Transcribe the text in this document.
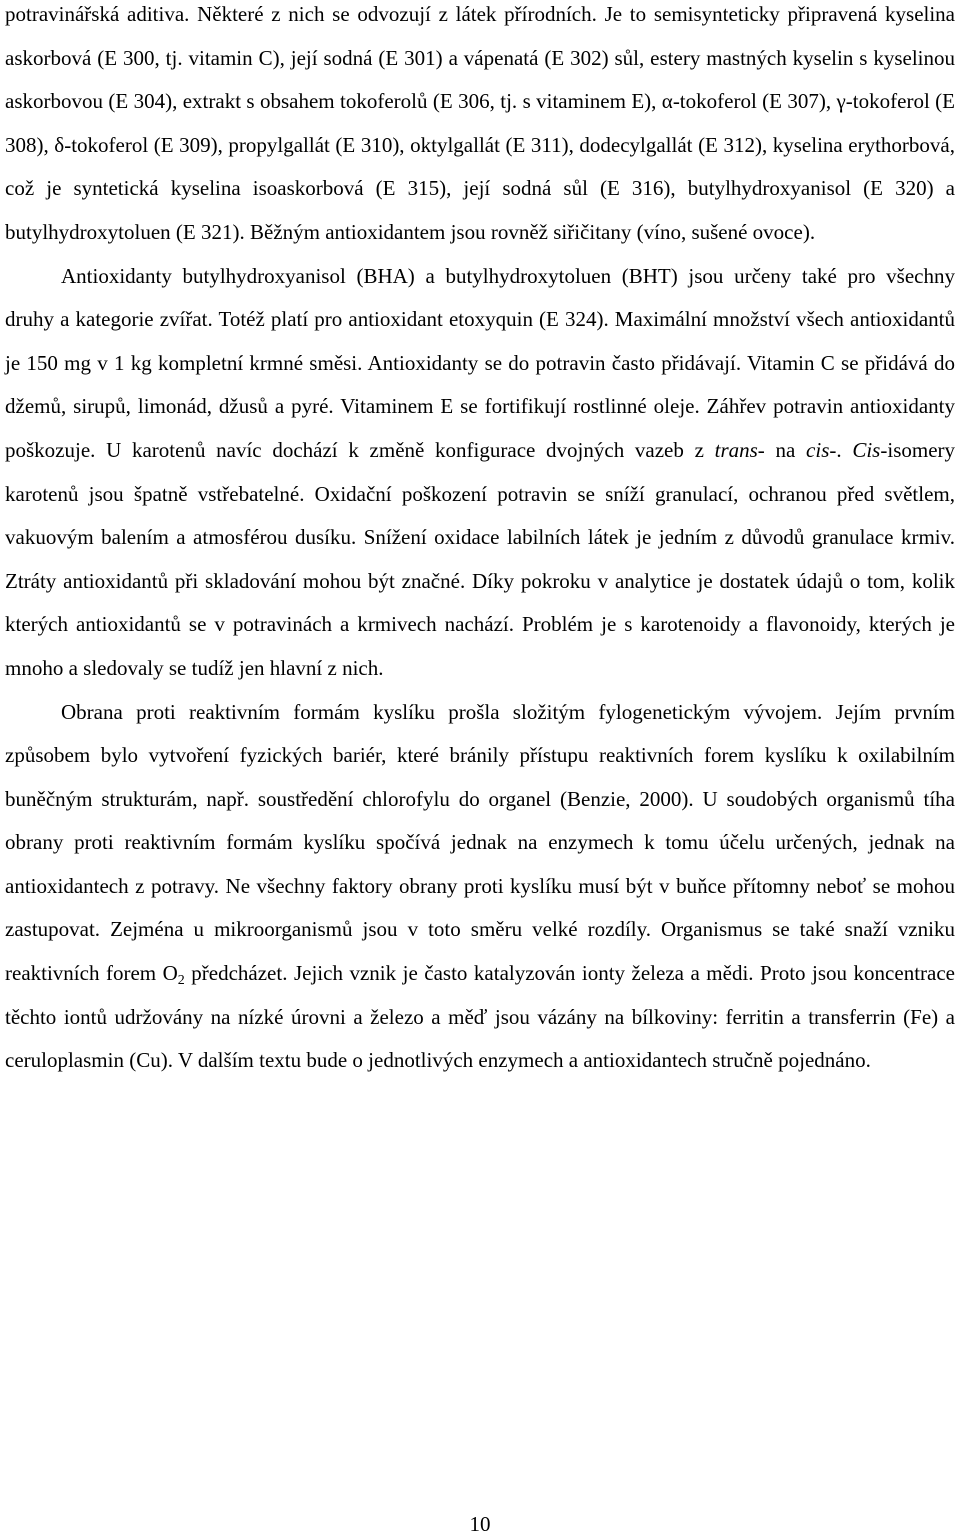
potravinářská aditiva. Některé z nich se odvozují z látek přírodních. Je to semisynteticky připravená kyselina askorbová (E 300, tj. vitamin C), její sodná (E 301) a vápenatá (E 302) sůl, estery mastných kyselin s kyselinou askorbovou (E 304), extrakt s obsahem tokoferolů (E 306, tj. s vitaminem E), α-tokoferol (E 307), γ-tokoferol (E 308), δ-tokoferol (E 309), propylgallát (E 310), oktylgallát (E 311), dodecylgallát (E 312), kyselina erythorbová, což je syntetická kyselina isoaskorbová (E 315), její sodná sůl (E 316), butylhydroxyanisol (E 320) a butylhydroxytoluen (E 321). Běžným antioxidantem jsou rovněž siřičitany (víno, sušené ovoce).

Antioxidanty butylhydroxyanisol (BHA) a butylhydroxytoluen (BHT) jsou určeny také pro všechny druhy a kategorie zvířat. Totéž platí pro antioxidant etoxyquin (E 324). Maximální množství všech antioxidantů je 150 mg v 1 kg kompletní krmné směsi. Antioxidanty se do potravin často přidávají. Vitamin C se přidává do džemů, sirupů, limonád, džusů a pyré. Vitaminem E se fortifikují rostlinné oleje. Záhřev potravin antioxidanty poškozuje. U karotenů navíc dochází k změně konfigurace dvojných vazeb z trans- na cis-. Cis-isomery karotenů jsou špatně vstřebatelné. Oxidační poškození potravin se sníží granulací, ochranou před světlem, vakuovým balením a atmosférou dusíku. Snížení oxidace labilních látek je jedním z důvodů granulace krmiv. Ztráty antioxidantů při skladování mohou být značné. Díky pokroku v analytice je dostatek údajů o tom, kolik kterých antioxidantů se v potravinách a krmivech nachází. Problém je s karotenoidy a flavonoidy, kterých je mnoho a sledovaly se tudíž jen hlavní z nich.

Obrana proti reaktivním formám kyslíku prošla složitým fylogenetickým vývojem. Jejím prvním způsobem bylo vytvoření fyzických bariér, které bránily přístupu reaktivních forem kyslíku k oxilabilním buněčným strukturám, např. soustředění chlorofylu do organel (Benzie, 2000). U soudobých organismů tíha obrany proti reaktivním formám kyslíku spočívá jednak na enzymech k tomu účelu určených, jednak na antioxidantech z potravy. Ne všechny faktory obrany proti kyslíku musí být v buňce přítomny neboť se mohou zastupovat. Zejména u mikroorganismů jsou v toto směru velké rozdíly. Organismus se také snaží vzniku reaktivních forem $O_2$ předcházet. Jejich vznik je často katalyzován ionty železa a mědi. Proto jsou koncentrace těchto iontů udržovány na nízké úrovni a železo a měď jsou vázány na bílkoviny: ferritin a transferrin (Fe) a ceruloplasmin (Cu). V dalším textu bude o jednotlivých enzymech a antioxidantech stručně pojednáno.

10
